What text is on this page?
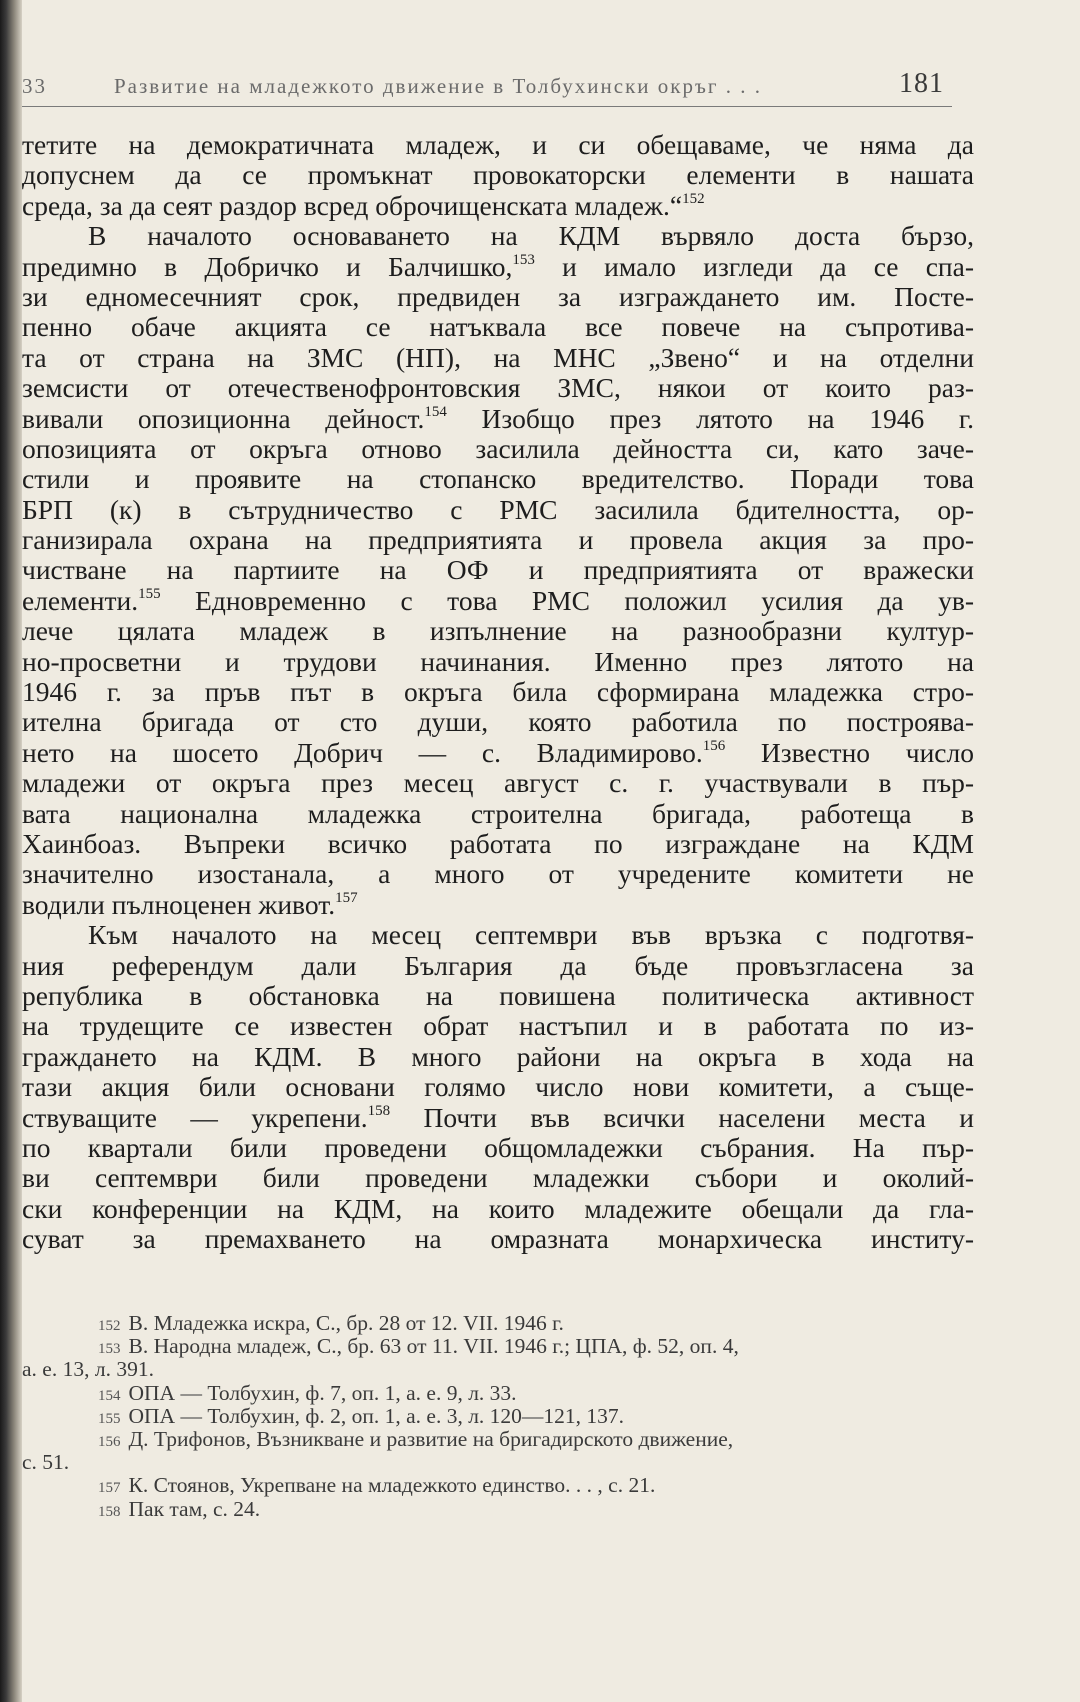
33	Развитие на младежкото движение в Толбухински окръг . . .	181
тетите на демократичната младеж, и си обещаваме, че няма да
допуснем да се промъкнат провокаторски елементи в нашата
среда, за да сеят раздор всред оброчищенската младеж.“$^{152}$
В началото основаването на КДМ вървяло доста бързо,
предимно в Добричко и Балчишко,$^{153}$ и имало изгледи да се спа-
зи едномесечният срок, предвиден за изграждането им. Посте-
пенно обаче акцията се натъквала все повече на съпротива-
та от страна на ЗМС (НП), на МНС „Звено“ и на отделни
земсисти от отечественофронтовския ЗМС, някои от които раз-
вивали опозиционна дейност.$^{154}$ Изобщо през лятото на 1946 г.
опозицията от окръга отново засилила дейността си, като заче-
стили и проявите на стопанско вредителство. Поради това
БРП (к) в сътрудничество с РМС засилила бдителността, ор-
ганизирала охрана на предприятията и провела акция за про-
чистване на партиите на ОФ и предприятията от вражески
елементи.$^{155}$ Едновременно с това РМС положил усилия да ув-
лече цялата младеж в изпълнение на разнообразни култур-
но-просветни и трудови начинания. Именно през лятото на
1946 г. за пръв път в окръга била сформирана младежка стро-
ителна бригада от сто души, която работила по построява-
нето на шосето Добрич — с. Владимирово.$^{156}$ Известно число
младежи от окръга през месец август с. г. участвували в пър-
вата национална младежка строителна бригада, работеща в
Хаинбоаз. Въпреки всичко работата по изграждане на КДМ
значително изостанала, а много от учредените комитети не
водили пълноценен живот.$^{157}$
Към началото на месец септември във връзка с подготвя-
ния референдум дали България да бъде провъзгласена за
република в обстановка на повишена политическа активност
на трудещите се известен обрат настъпил и в работата по из-
граждането на КДМ. В много райони на окръга в хода на
тази акция били основани голямо число нови комитети, а съще-
ствуващите — укрепени.$^{158}$ Почти във всички населени места и
по квартали били проведени общомладежки събрания. На пър-
ви септември били проведени младежки събори и околий-
ски конференции на КДМ, на които младежите обещали да гла-
суват за премахването на омразната монархическа институ-
152 В. Младежка искра, С., бр. 28 от 12. VII. 1946 г.
153 В. Народна младеж, С., бр. 63 от 11. VII. 1946 г.; ЦПА, ф. 52, оп. 4,
а. е. 13, л. 391.
154 ОПА — Толбухин, ф. 7, оп. 1, а. е. 9, л. 33.
155 ОПА — Толбухин, ф. 2, оп. 1, а. е. 3, л. 120—121, 137.
156 Д. Трифонов, Възникване и развитие на бригадирското движение,
с. 51.
157 К. Стоянов, Укрепване на младежкото единство. . . , с. 21.
158 Пак там, с. 24.
